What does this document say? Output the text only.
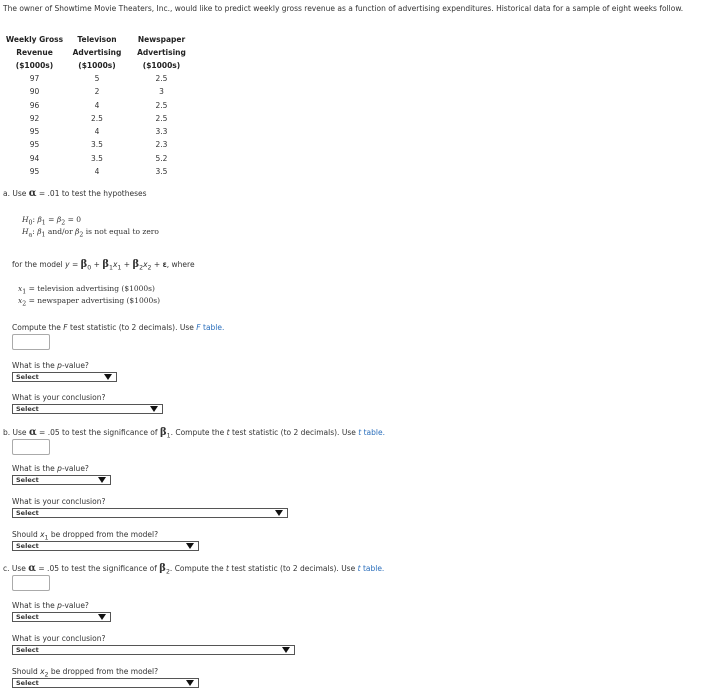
The owner of Showtime Movie Theaters, Inc., would like to predict weekly gross revenue as a function of advertising expenditures. Historical data for a sample of eight weeks follow.
Weekly Gross	Televison	Newspaper
Revenue	Advertising	Advertising
($1000s)	($1000s)	($1000s)
97	5	2.5
90	2	3
96	4	2.5
92	2.5	2.5
95	4	3.3
95	3.5	2.3
94	3.5	5.2
95	4	3.5
a. Use α = .01 to test the hypotheses
$H_0$: $\beta_1 = \beta_2 = 0$
$H_a$: $\beta_1$ and/or $\beta_2$ is not equal to zero
for the model $y = \beta_0 + \beta_1x_1 + \beta_2x_2 + \varepsilon$, where
$x_1$ = television advertising ($1000s)
$x_2$ = newspaper advertising ($1000s)
Compute the F test statistic (to 2 decimals). Use F table.
What is the p-value?
Select
What is your conclusion?
Select
b. Use α = .05 to test the significance of $\beta_1$. Compute the t test statistic (to 2 decimals). Use t table.
What is the p-value?
Select
What is your conclusion?
Select
Should $x_1$ be dropped from the model?
Select
c. Use α = .05 to test the significance of $\beta_2$. Compute the t test statistic (to 2 decimals). Use t table.
What is the p-value?
Select
What is your conclusion?
Select
Should $x_2$ be dropped from the model?
Select
